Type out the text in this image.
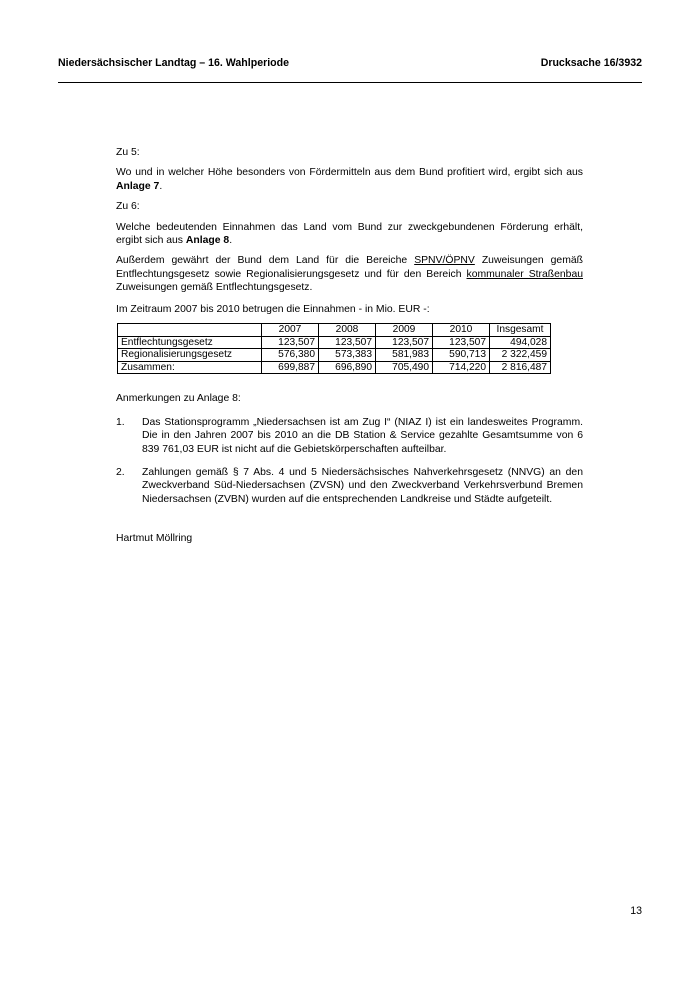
Niedersächsischer Landtag – 16. Wahlperiode	Drucksache 16/3932

Zu 5:

Wo und in welcher Höhe besonders von Fördermitteln aus dem Bund profitiert wird, ergibt sich aus Anlage 7.

Zu 6:

Welche bedeutenden Einnahmen das Land vom Bund zur zweckgebundenen Förderung erhält, ergibt sich aus Anlage 8.

Außerdem gewährt der Bund dem Land für die Bereiche SPNV/ÖPNV Zuweisungen gemäß Entflechtungsgesetz sowie Regionalisierungsgesetz und für den Bereich kommunaler Straßenbau Zuweisungen gemäß Entflechtungsgesetz.

Im Zeitraum 2007 bis 2010 betrugen die Einnahmen - in Mio. EUR -:

	2007	2008	2009	2010	Insgesamt
Entflechtungsgesetz	123,507	123,507	123,507	123,507	494,028
Regionalisierungsgesetz	576,380	573,383	581,983	590,713	2 322,459
Zusammen:	699,887	696,890	705,490	714,220	2 816,487

Anmerkungen zu Anlage 8:

1.	Das Stationsprogramm „Niedersachsen ist am Zug I“ (NIAZ I) ist ein landesweites Programm. Die in den Jahren 2007 bis 2010 an die DB Station & Service gezahlte Gesamtsumme von 6 839 761,03 EUR ist nicht auf die Gebietskörperschaften aufteilbar.
2.	Zahlungen gemäß § 7 Abs. 4 und 5 Niedersächsisches Nahverkehrsgesetz (NNVG) an den Zweckverband Süd-Niedersachsen (ZVSN) und den Zweckverband Verkehrsverbund Bremen Niedersachsen (ZVBN) wurden auf die entsprechenden Landkreise und Städte aufgeteilt.

Hartmut Möllring

13
